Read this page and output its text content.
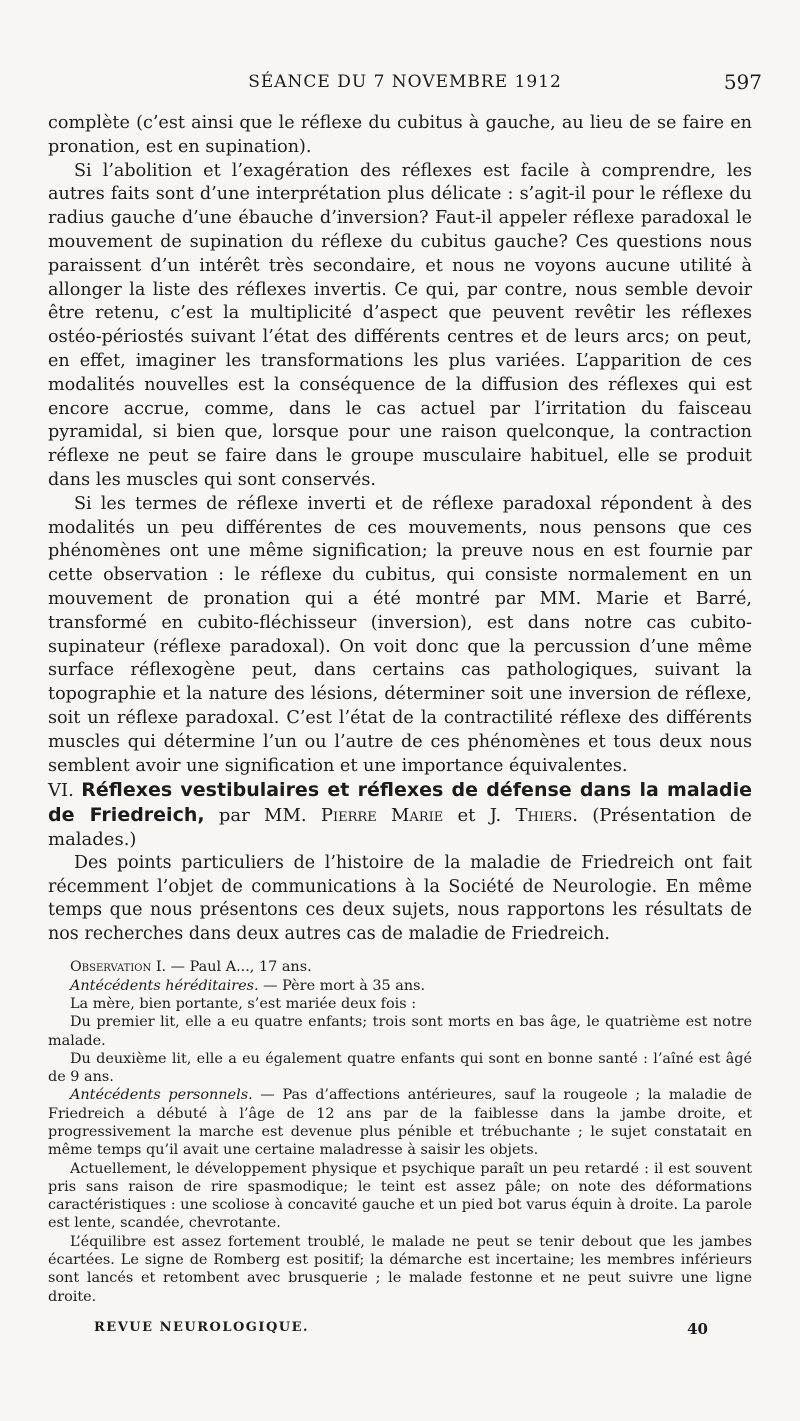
SÉANCE DU 7 NOVEMBRE 1912	597

complète (c’est ainsi que le réflexe du cubitus à gauche, au lieu de se faire en pronation, est en supination).

Si l’abolition et l’exagération des réflexes est facile à comprendre, les autres faits sont d’une interprétation plus délicate : s’agit-il pour le réflexe du radius gauche d’une ébauche d’inversion? Faut-il appeler réflexe paradoxal le mouvement de supination du réflexe du cubitus gauche? Ces questions nous paraissent d’un intérêt très secondaire, et nous ne voyons aucune utilité à allonger la liste des réflexes invertis. Ce qui, par contre, nous semble devoir être retenu, c’est la multiplicité d’aspect que peuvent revêtir les réflexes ostéo-périostés suivant l’état des différents centres et de leurs arcs; on peut, en effet, imaginer les transformations les plus variées. L’apparition de ces modalités nouvelles est la conséquence de la diffusion des réflexes qui est encore accrue, comme, dans le cas actuel par l’irritation du faisceau pyramidal, si bien que, lorsque pour une raison quelconque, la contraction réflexe ne peut se faire dans le groupe musculaire habituel, elle se produit dans les muscles qui sont conservés.

Si les termes de réflexe inverti et de réflexe paradoxal répondent à des modalités un peu différentes de ces mouvements, nous pensons que ces phénomènes ont une même signification; la preuve nous en est fournie par cette observation : le réflexe du cubitus, qui consiste normalement en un mouvement de pronation qui a été montré par MM. Marie et Barré, transformé en cubito-fléchisseur (inversion), est dans notre cas cubito-supinateur (réflexe paradoxal). On voit donc que la percussion d’une même surface réflexogène peut, dans certains cas pathologiques, suivant la topographie et la nature des lésions, déterminer soit une inversion de réflexe, soit un réflexe paradoxal. C’est l’état de la contractilité réflexe des différents muscles qui détermine l’un ou l’autre de ces phénomènes et tous deux nous semblent avoir une signification et une importance équivalentes.

VI. Réflexes vestibulaires et réflexes de défense dans la maladie de Friedreich, par MM. Pierre Marie et J. Thiers. (Présentation de malades.)

Des points particuliers de l’histoire de la maladie de Friedreich ont fait récemment l’objet de communications à la Société de Neurologie. En même temps que nous présentons ces deux sujets, nous rapportons les résultats de nos recherches dans deux autres cas de maladie de Friedreich.

Observation I. — Paul A..., 17 ans.

Antécédents héréditaires. — Père mort à 35 ans.

La mère, bien portante, s’est mariée deux fois :

Du premier lit, elle a eu quatre enfants; trois sont morts en bas âge, le quatrième est notre malade.

Du deuxième lit, elle a eu également quatre enfants qui sont en bonne santé : l’aîné est âgé de 9 ans.

Antécédents personnels. — Pas d’affections antérieures, sauf la rougeole ; la maladie de Friedreich a débuté à l’âge de 12 ans par de la faiblesse dans la jambe droite, et progressivement la marche est devenue plus pénible et trébuchante ; le sujet constatait en même temps qu’il avait une certaine maladresse à saisir les objets.

Actuellement, le développement physique et psychique paraît un peu retardé : il est souvent pris sans raison de rire spasmodique; le teint est assez pâle; on note des déformations caractéristiques : une scoliose à concavité gauche et un pied bot varus équin à droite. La parole est lente, scandée, chevrotante.

L’équilibre est assez fortement troublé, le malade ne peut se tenir debout que les jambes écartées. Le signe de Romberg est positif; la démarche est incertaine; les membres inférieurs sont lancés et retombent avec brusquerie ; le malade festonne et ne peut suivre une ligne droite.

REVUE NEUROLOGIQUE.	40
